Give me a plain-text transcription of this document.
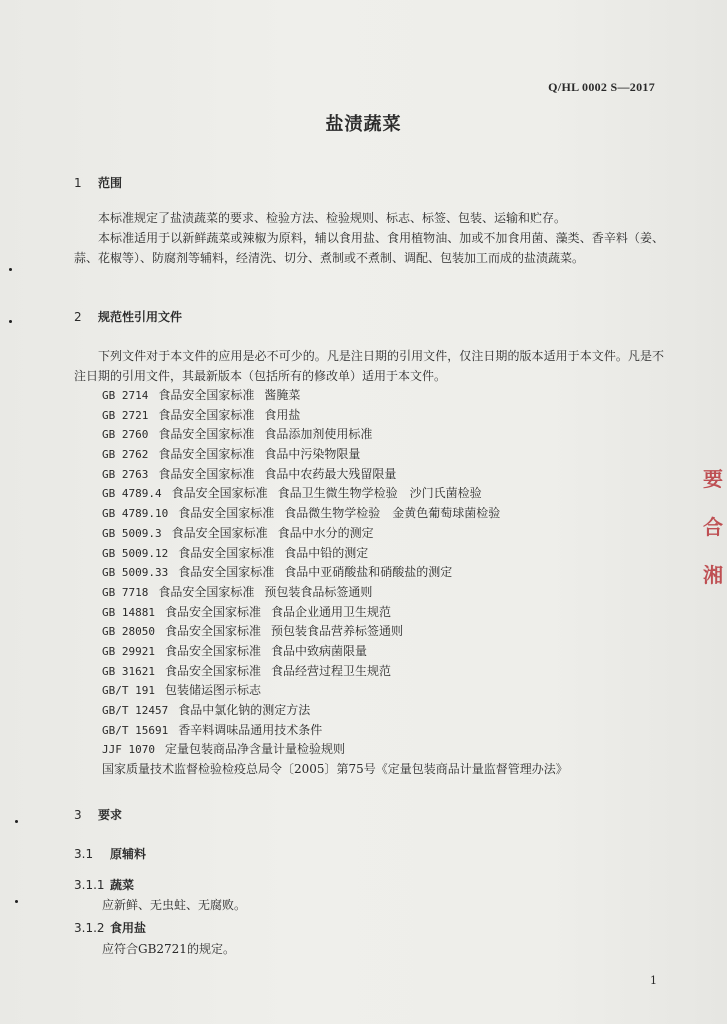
Q/HL 0002 S—2017
盐渍蔬菜
1 范围
本标准规定了盐渍蔬菜的要求、检验方法、检验规则、标志、标签、包装、运输和贮存。
本标准适用于以新鲜蔬菜或辣椒为原料，辅以食用盐、食用植物油、加或不加食用菌、藻类、香辛料（姜、蒜、花椒等）、防腐剂等辅料，经清洗、切分、煮制或不煮制、调配、包装加工而成的盐渍蔬菜。
2 规范性引用文件
下列文件对于本文件的应用是必不可少的。凡是注日期的引用文件，仅注日期的版本适用于本文件。凡是不注日期的引用文件，其最新版本（包括所有的修改单）适用于本文件。
GB 2714 食品安全国家标准 酱腌菜
GB 2721 食品安全国家标准 食用盐
GB 2760 食品安全国家标准 食品添加剂使用标准
GB 2762 食品安全国家标准 食品中污染物限量
GB 2763 食品安全国家标准 食品中农药最大残留限量
GB 4789.4 食品安全国家标准 食品卫生微生物学检验　沙门氏菌检验
GB 4789.10 食品安全国家标准 食品微生物学检验　金黄色葡萄球菌检验
GB 5009.3 食品安全国家标准 食品中水分的测定
GB 5009.12 食品安全国家标准 食品中铅的测定
GB 5009.33 食品安全国家标准 食品中亚硝酸盐和硝酸盐的测定
GB 7718 食品安全国家标准 预包装食品标签通则
GB 14881 食品安全国家标准 食品企业通用卫生规范
GB 28050 食品安全国家标准 预包装食品营养标签通则
GB 29921 食品安全国家标准 食品中致病菌限量
GB 31621 食品安全国家标准 食品经营过程卫生规范
GB/T 191 包装储运图示标志
GB/T 12457 食品中氯化钠的测定方法
GB/T 15691 香辛料调味品通用技术条件
JJF 1070 定量包装商品净含量计量检验规则
国家质量技术监督检验检疫总局令〔2005〕第75号《定量包装商品计量监督管理办法》
3 要求
3.1 原辅料
3.1.1 蔬菜
应新鲜、无虫蛀、无腐败。
3.1.2 食用盐
应符合GB2721的规定。
1
要 合 湘
